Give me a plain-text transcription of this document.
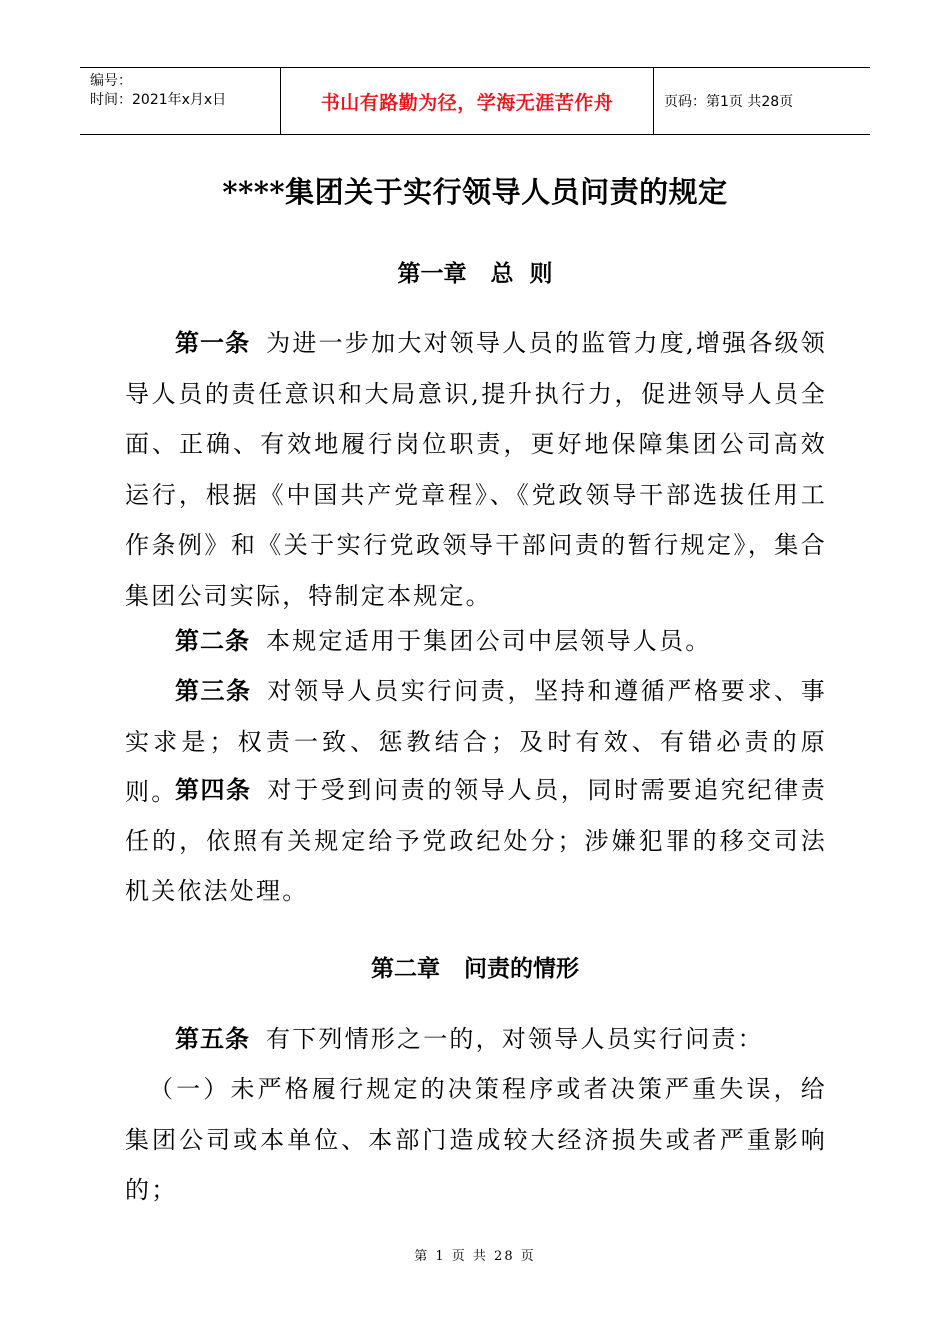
编号：
时间：2021年x月x日	书山有路勤为径，学海无涯苦作舟	页码：第1页 共28页
****集团关于实行领导人员问责的规定
第一章 总  则

第一条 为进一步加大对领导人员的监管力度,增强各级领导人员的责任意识和大局意识,提升执行力，促进领导人员全面、正确、有效地履行岗位职责，更好地保障集团公司高效运行，根据《中国共产党章程》、《党政领导干部选拔任用工作条例》和《关于实行党政领导干部问责的暂行规定》，集合集团公司实际，特制定本规定。

第二条 本规定适用于集团公司中层领导人员。

第三条 对领导人员实行问责，坚持和遵循严格要求、事实求是；权责一致、惩教结合；及时有效、有错必责的原则。

第四条 对于受到问责的领导人员，同时需要追究纪律责任的，依照有关规定给予党政纪处分；涉嫌犯罪的移交司法机关依法处理。

第二章 问责的情形

第五条 有下列情形之一的，对领导人员实行问责：

（一）未严格履行规定的决策程序或者决策严重失误，给集团公司或本单位、本部门造成较大经济损失或者严重影响的；

第 1 页 共 28 页
